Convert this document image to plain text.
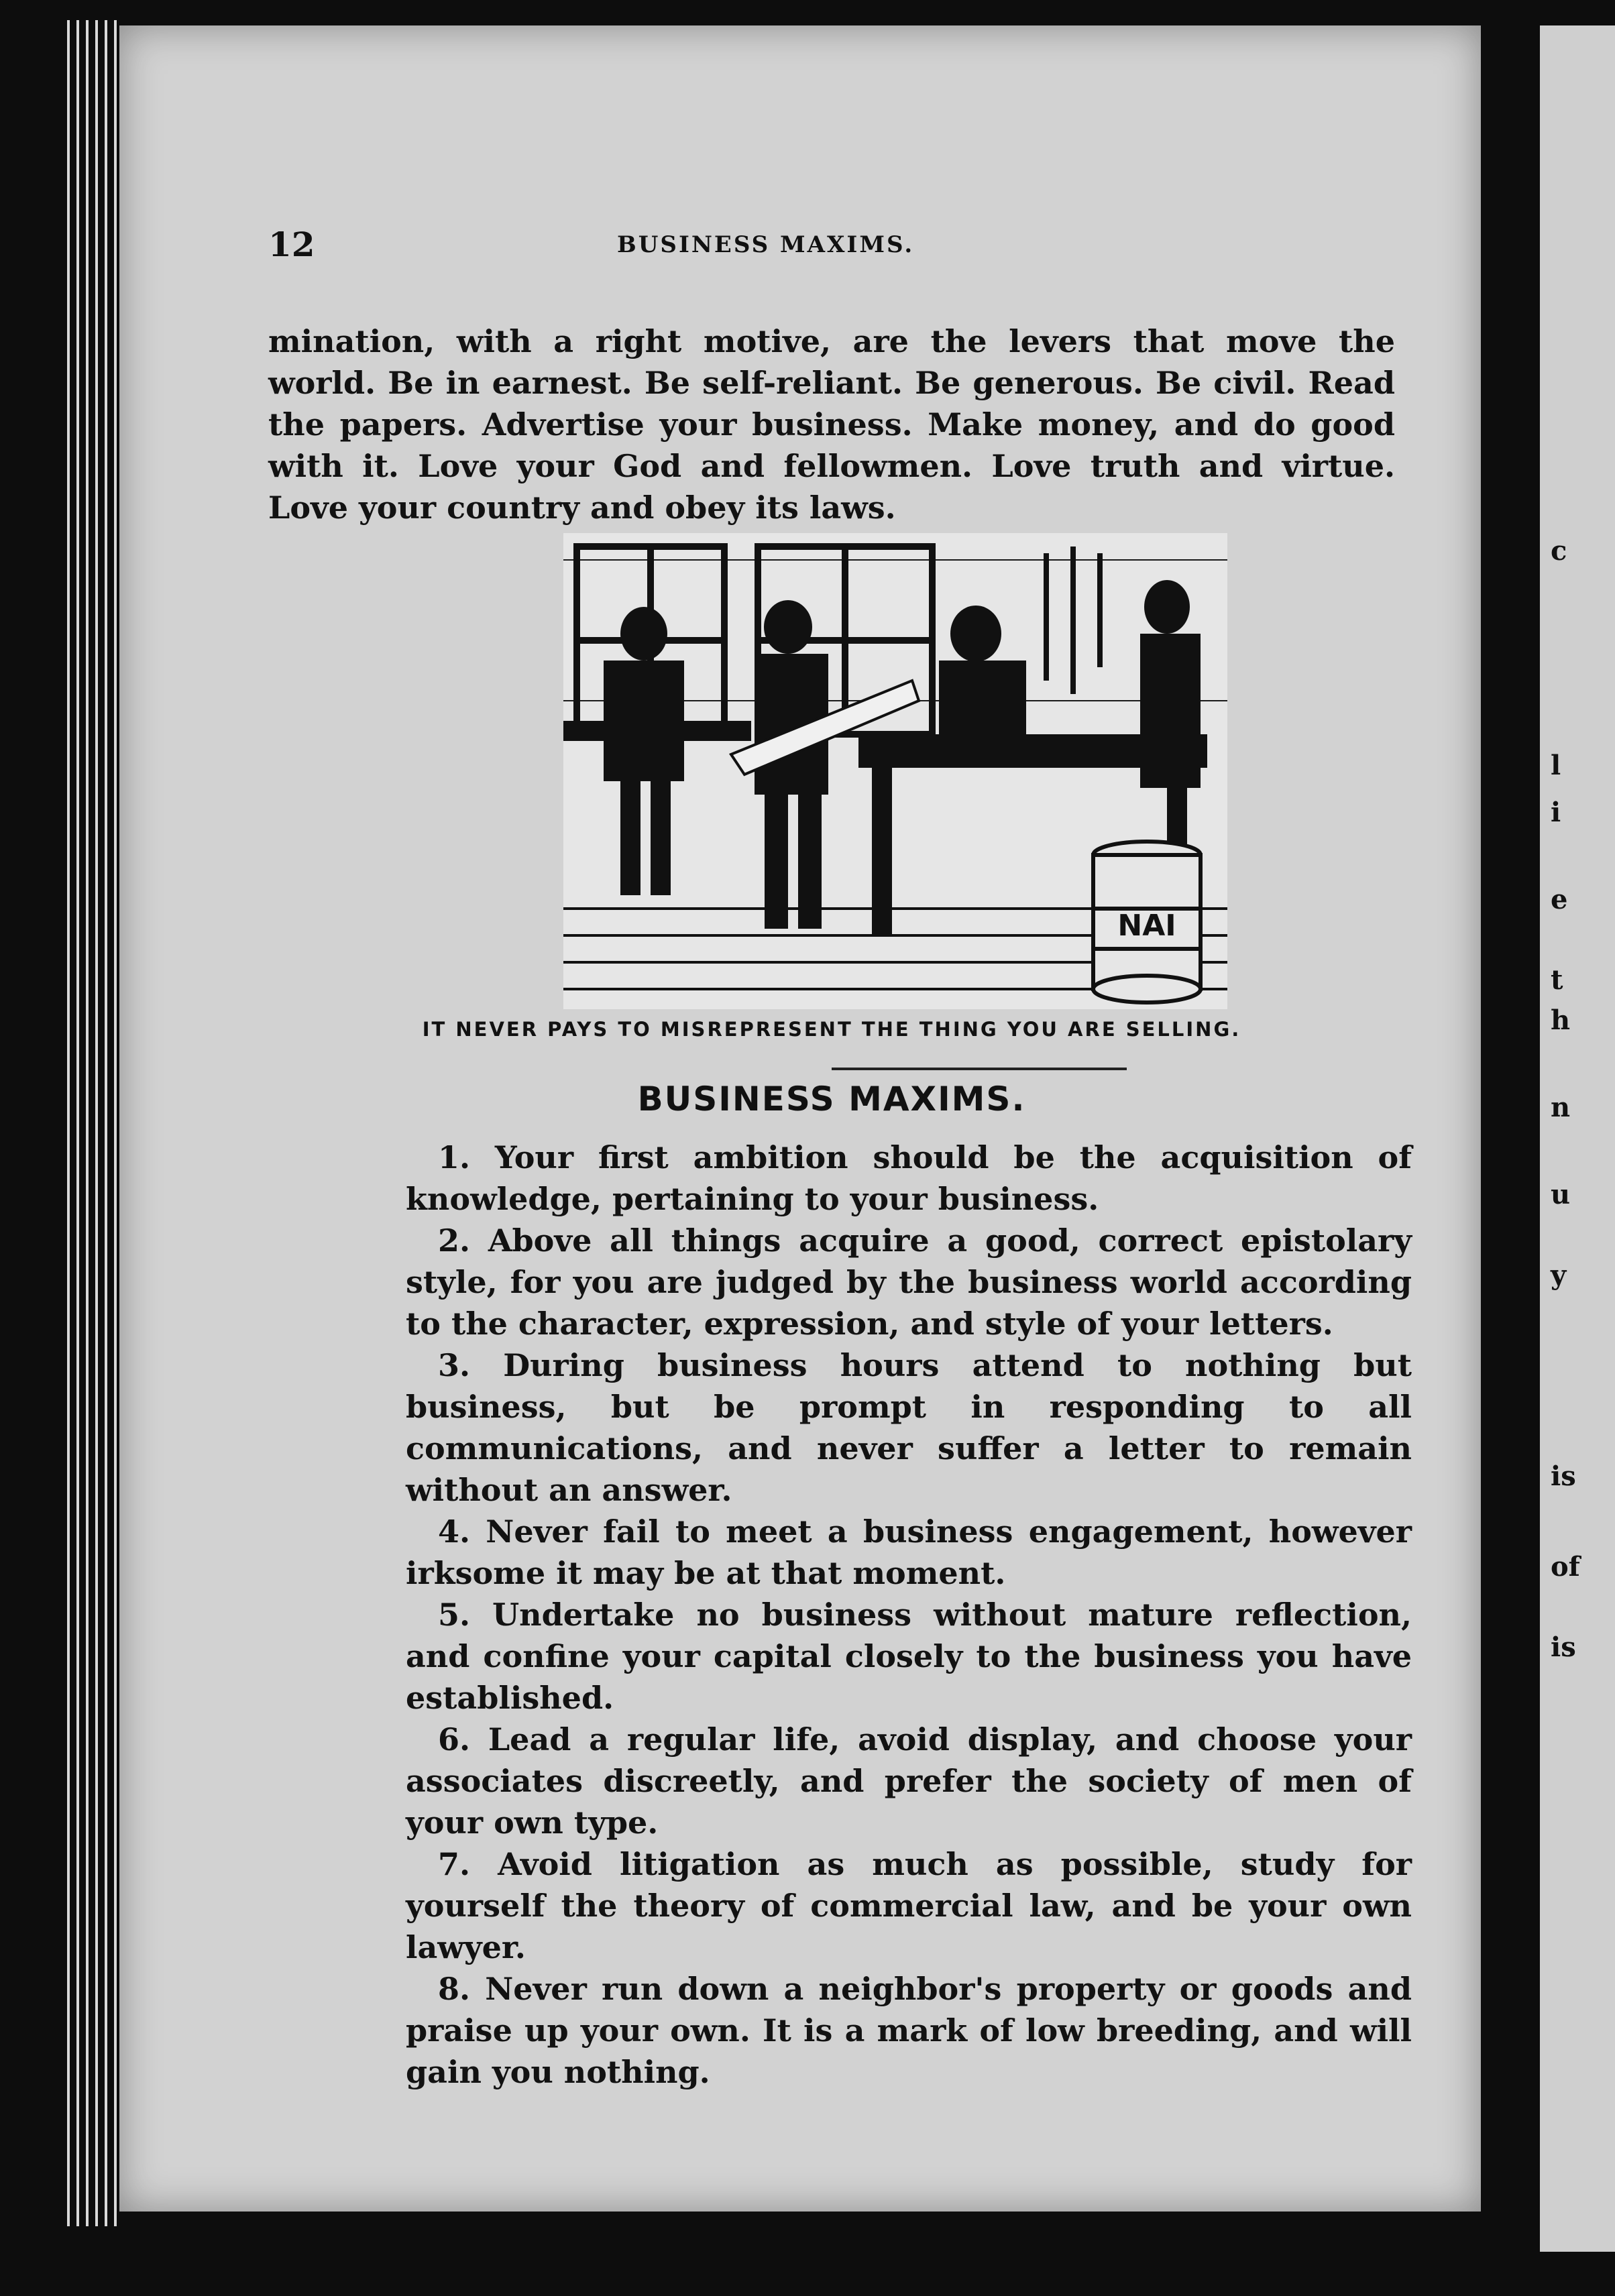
c
l
i
e
t
h
n
u
y
is
of
is
12	BUSINESS MAXIMS.

mination, with a right motive, are the levers that move the world. Be in earnest. Be self-reliant. Be generous. Be civil. Read the papers. Advertise your business. Make money, and do good with it. Love your God and fellowmen. Love truth and virtue. Love your country and obey its laws.

NAI
IT NEVER PAYS TO MISREPRESENT THE THING YOU ARE SELLING.
BUSINESS MAXIMS.
1. Your first ambition should be the acquisition of knowledge, pertaining to your business.
2. Above all things acquire a good, correct epistolary style, for you are judged by the business world according to the character, expression, and style of your letters.
3. During business hours attend to nothing but business, but be prompt in responding to all communications, and never suffer a letter to remain without an answer.
4. Never fail to meet a business engagement, however irksome it may be at that moment.
5. Undertake no business without mature reflection, and confine your capital closely to the business you have established.
6. Lead a regular life, avoid display, and choose your associates discreetly, and prefer the society of men of your own type.
7. Avoid litigation as much as possible, study for yourself the theory of commercial law, and be your own lawyer.
8. Never run down a neighbor's property or goods and praise up your own. It is a mark of low breeding, and will gain you nothing.
